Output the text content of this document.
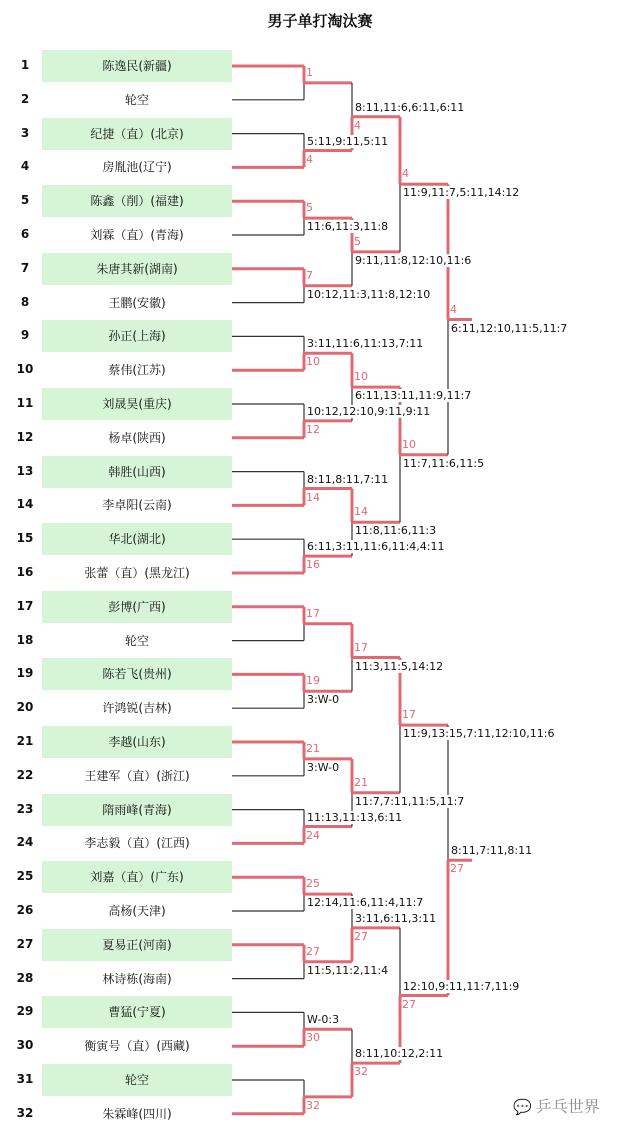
男子单打淘汰赛
1	陈逸民(新疆)
2	轮空
3	纪捷（直）(北京)
4	房胤池(辽宁)
5	陈鑫（削）(福建)
6	刘霖（直）(青海)
7	朱唐其新(湖南)
8	王鹏(安徽)
9	孙正(上海)
10	蔡伟(江苏)
11	刘晟昊(重庆)
12	杨卓(陕西)
13	韩胜(山西)
14	李卓阳(云南)
15	华北(湖北)
16	张蕾（直）(黑龙江)
17	彭博(广西)
18	轮空
19	陈若飞(贵州)
20	许鸿锐(吉林)
21	李越(山东)
22	王建军（直）(浙江)
23	隋雨峰(青海)
24	李志毅（直）(江西)
25	刘嘉（直）(广东)
26	高杨(天津)
27	夏易正(河南)
28	林诗栋(海南)
29	曹猛(宁夏)
30	衡寅号（直）(西藏)
31	轮空
32	朱霖峰(四川)
1
4
5:11,9:11,5:11
5
11:6,11:3,11:8
7
10:12,11:3,11:8,12:10
10
3:11,11:6,11:13,7:11
12
10:12,12:10,9:11,9:11
14
8:11,8:11,7:11
16
6:11,3:11,11:6,11:4,4:11
17
19
3:W-0
21
3:W-0
24
11:13,11:13,6:11
25
12:14,11:6,11:4,11:7
27
11:5,11:2,11:4
30
W-0:3
32
4
8:11,11:6,6:11,6:11
5
9:11,11:8,12:10,11:6
10
6:11,13:11,11:9,11:7
14
11:8,11:6,11:3
17
11:3,11:5,14:12
21
11:7,7:11,11:5,11:7
27
3:11,6:11,3:11
32
8:11,10:12,2:11
4
11:9,11:7,5:11,14:12
10
11:7,11:6,11:5
17
11:9,13:15,7:11,12:10,11:6
27
12:10,9:11,11:7,11:9
4
6:11,12:10,11:5,11:7
27
8:11,7:11,8:11
💬 乒乓世界
